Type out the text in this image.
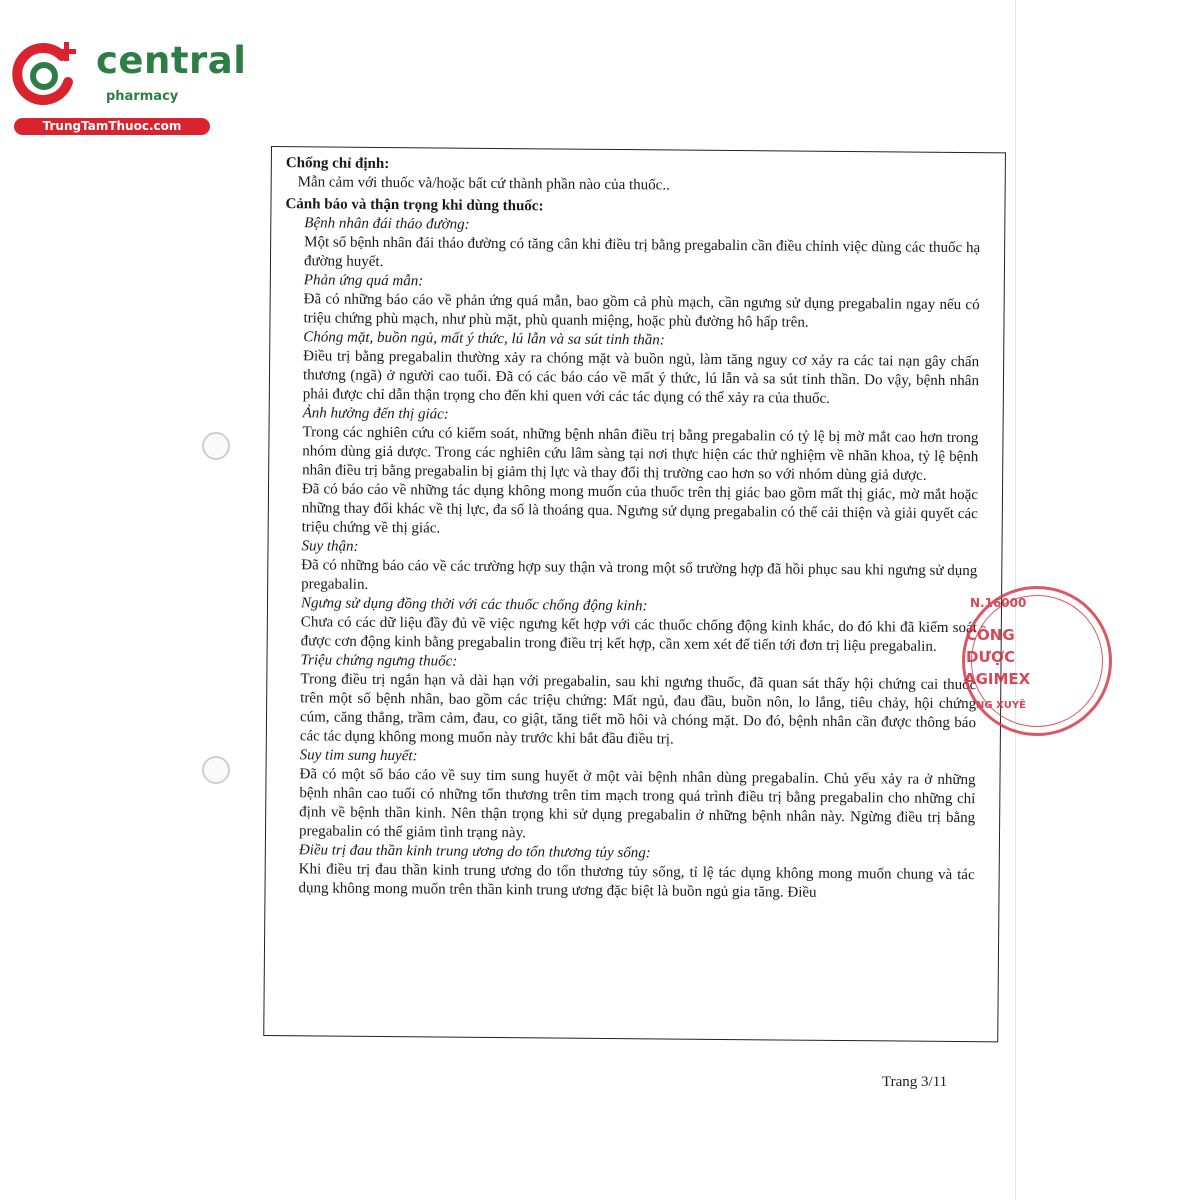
central
pharmacy
TrungTamThuoc.com
Chống chỉ định:
Mẫn cảm với thuốc và/hoặc bất cứ thành phần nào của thuốc..
Cảnh báo và thận trọng khi dùng thuốc:
Bệnh nhân đái tháo đường:
Một số bệnh nhân đái tháo đường có tăng cân khi điều trị bằng pregabalin cần điều chỉnh việc dùng các thuốc hạ đường huyết.
Phản ứng quá mẫn:
Đã có những báo cáo về phản ứng quá mẫn, bao gồm cả phù mạch, cần ngưng sử dụng pregabalin ngay nếu có triệu chứng phù mạch, như phù mặt, phù quanh miệng, hoặc phù đường hô hấp trên.
Chóng mặt, buồn ngủ, mất ý thức, lú lẫn và sa sút tinh thần:
Điều trị bằng pregabalin thường xảy ra chóng mặt và buồn ngủ, làm tăng nguy cơ xảy ra các tai nạn gây chấn thương (ngã) ở người cao tuổi. Đã có các báo cáo về mất ý thức, lú lẫn và sa sút tinh thần. Do vậy, bệnh nhân phải được chỉ dẫn thận trọng cho đến khi quen với các tác dụng có thể xảy ra của thuốc.
Ảnh hưởng đến thị giác:
Trong các nghiên cứu có kiểm soát, những bệnh nhân điều trị bằng pregabalin có tỷ lệ bị mờ mắt cao hơn trong nhóm dùng giả dược. Trong các nghiên cứu lâm sàng tại nơi thực hiện các thử nghiệm về nhãn khoa, tỷ lệ bệnh nhân điều trị bằng pregabalin bị giảm thị lực và thay đổi thị trường cao hơn so với nhóm dùng giả dược.
Đã có báo cáo về những tác dụng không mong muốn của thuốc trên thị giác bao gồm mất thị giác, mờ mắt hoặc những thay đổi khác về thị lực, đa số là thoáng qua. Ngưng sử dụng pregabalin có thể cải thiện và giải quyết các triệu chứng về thị giác.
Suy thận:
Đã có những báo cáo về các trường hợp suy thận và trong một số trường hợp đã hồi phục sau khi ngưng sử dụng pregabalin.
Ngưng sử dụng đồng thời với các thuốc chống động kinh:
Chưa có các dữ liệu đầy đủ về việc ngưng kết hợp với các thuốc chống động kinh khác, do đó khi đã kiểm soát được cơn động kinh bằng pregabalin trong điều trị kết hợp, cần xem xét để tiến tới đơn trị liệu pregabalin.
Triệu chứng ngưng thuốc:
Trong điều trị ngắn hạn và dài hạn với pregabalin, sau khi ngưng thuốc, đã quan sát thấy hội chứng cai thuốc trên một số bệnh nhân, bao gồm các triệu chứng: Mất ngủ, đau đầu, buồn nôn, lo lắng, tiêu chảy, hội chứng cúm, căng thẳng, trầm cảm, đau, co giật, tăng tiết mồ hôi và chóng mặt. Do đó, bệnh nhân cần được thông báo các tác dụng không mong muốn này trước khi bắt đầu điều trị.
Suy tim sung huyết:
Đã có một số báo cáo về suy tim sung huyết ở một vài bệnh nhân dùng pregabalin. Chủ yếu xảy ra ở những bệnh nhân cao tuổi có những tổn thương trên tim mạch trong quá trình điều trị bằng pregabalin cho những chỉ định về bệnh thần kinh. Nên thận trọng khi sử dụng pregabalin ở những bệnh nhân này. Ngừng điều trị bằng pregabalin có thể giảm tình trạng này.
Điều trị đau thần kinh trung ương do tổn thương tủy sống:
Khi điều trị đau thần kinh trung ương do tổn thương tủy sống, tỉ lệ tác dụng không mong muốn chung và tác dụng không mong muốn trên thần kinh trung ương đặc biệt là buồn ngủ gia tăng. Điều
N.16000
CÔNG
DƯỢC
AGIMEX
NG XUYÊ
Trang 3/11
